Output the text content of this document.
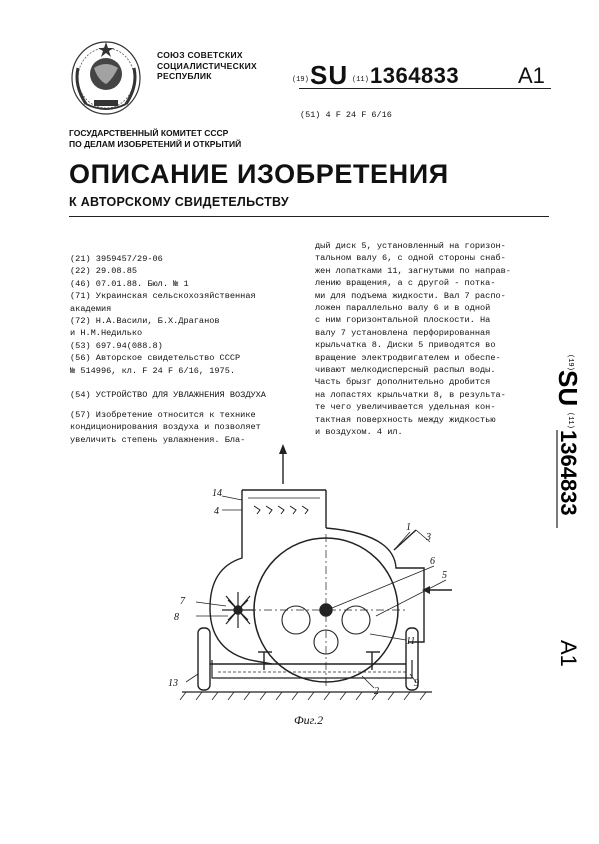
СОЮЗ СОВЕТСКИХ
СОЦИАЛИСТИЧЕСКИХ
РЕСПУБЛИК	(19) SU (11) 1364833	A1
(51) 4 F 24 F 6/16
ГОСУДАРСТВЕННЫЙ КОМИТЕТ СССР
ПО ДЕЛАМ ИЗОБРЕТЕНИЙ И ОТКРЫТИЙ
ОПИСАНИЕ ИЗОБРЕТЕНИЯ
К АВТОРСКОМУ СВИДЕТЕЛЬСТВУ
(21) 3959457/29-06
(22) 29.08.85
(46) 07.01.88. Бюл. № 1
(71) Украинская сельскохозяйственная
академия
(72) Н.А.Васили, Б.Х.Драганов
и Н.М.Недилько
(53) 697.94(088.8)
(56) Авторское свидетельство СССР
№ 514996, кл. F 24 F 6/16, 1975.
(54) УСТРОЙСТВО ДЛЯ УВЛАЖНЕНИЯ ВОЗДУХА
(57) Изобретение относится к технике
кондиционирования воздуха и позволяет
увеличить степень увлажнения. Бла-
дый диск 5, установленный на горизон-
тальном валу 6, с одной стороны снаб-
жен лопатками 11, загнутыми по направ-
лению вращения, а с другой - потка-
ми для подъема жидкости. Вал 7 распо-
ложен параллельно валу 6 и в одной
с ним горизонтальной плоскости. На
валу 7 установлена перфорированная
крыльчатка 8. Диски 5 приводятся во
вращение электродвигателем и обеспе-
чивают мелкодисперсный распыл воды.
Часть брызг дополнительно дробится
на лопастях крыльчатки 8, в результа-
те чего увеличивается удельная кон-
тактная поверхность между жидкостью
и воздухом. 4 ил.
(19)
SU
(11)
1364833
A1
14
4
1
3
6
5
7
8
11
13
2
9
Фиг.2
